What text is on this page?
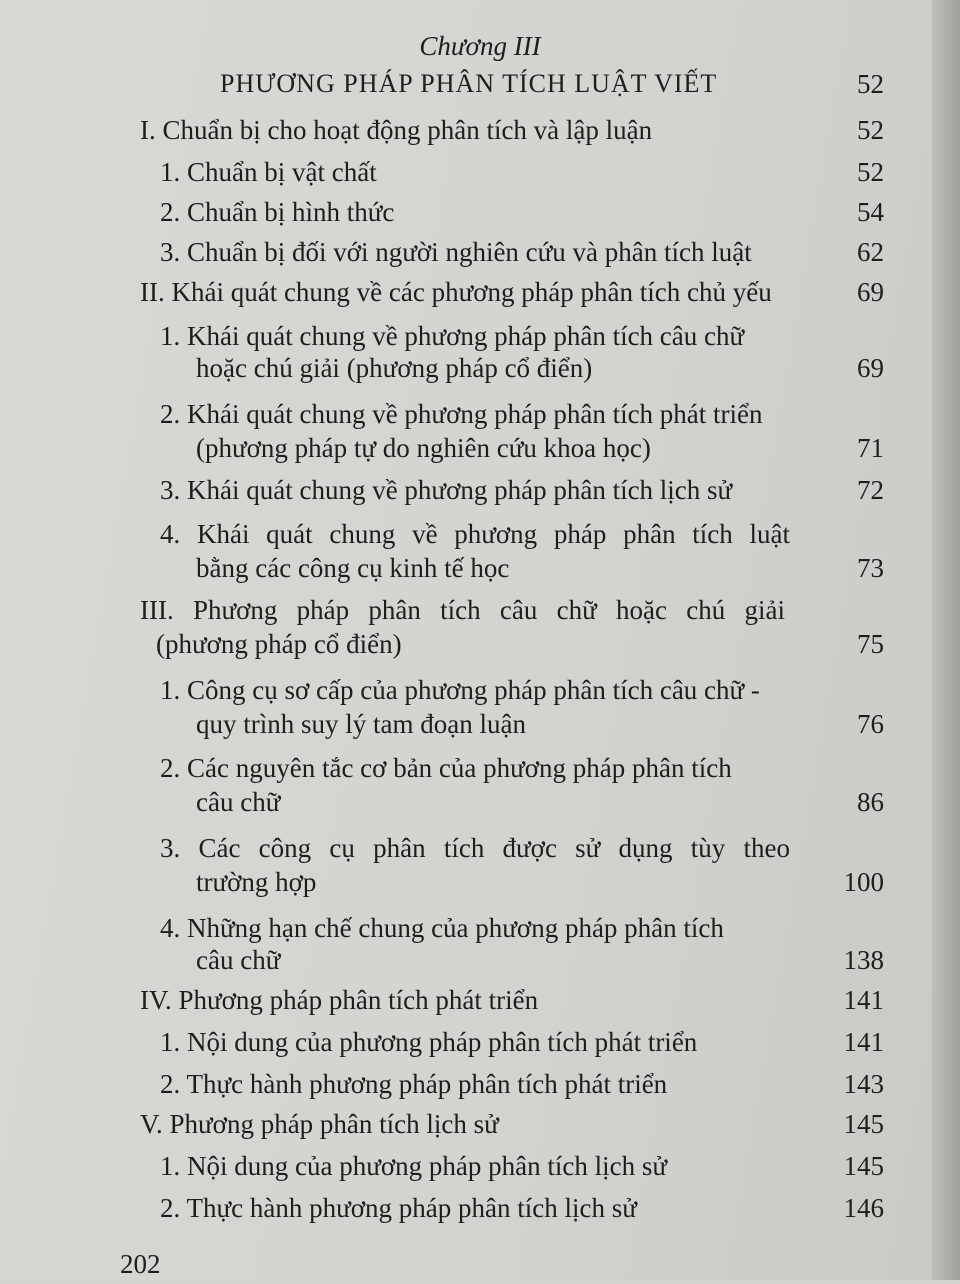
Chương III
PHƯƠNG PHÁP PHÂN TÍCH LUẬT VIẾT	52
I. Chuẩn bị cho hoạt động phân tích và lập luận	52
1. Chuẩn bị vật chất	52
2. Chuẩn bị hình thức	54
3. Chuẩn bị đối với người nghiên cứu và phân tích luật	62
II. Khái quát chung về các phương pháp phân tích chủ yếu	69
1. Khái quát chung về phương pháp phân tích câu chữ
hoặc chú giải (phương pháp cổ điển)	69
2. Khái quát chung về phương pháp phân tích phát triển
(phương pháp tự do nghiên cứu khoa học)	71
3. Khái quát chung về phương pháp phân tích lịch sử	72
4. Khái quát chung về phương pháp phân tích luật
bằng các công cụ kinh tế học	73
III. Phương pháp phân tích câu chữ hoặc chú giải
(phương pháp cổ điển)	75
1. Công cụ sơ cấp của phương pháp phân tích câu chữ -
quy trình suy lý tam đoạn luận	76
2. Các nguyên tắc cơ bản của phương pháp phân tích
câu chữ	86
3. Các công cụ phân tích được sử dụng tùy theo
trường hợp	100
4. Những hạn chế chung của phương pháp phân tích
câu chữ	138
IV. Phương pháp phân tích phát triển	141
1. Nội dung của phương pháp phân tích phát triển	141
2. Thực hành phương pháp phân tích phát triển	143
V. Phương pháp phân tích lịch sử	145
1. Nội dung của phương pháp phân tích lịch sử	145
2. Thực hành phương pháp phân tích lịch sử	146
202
